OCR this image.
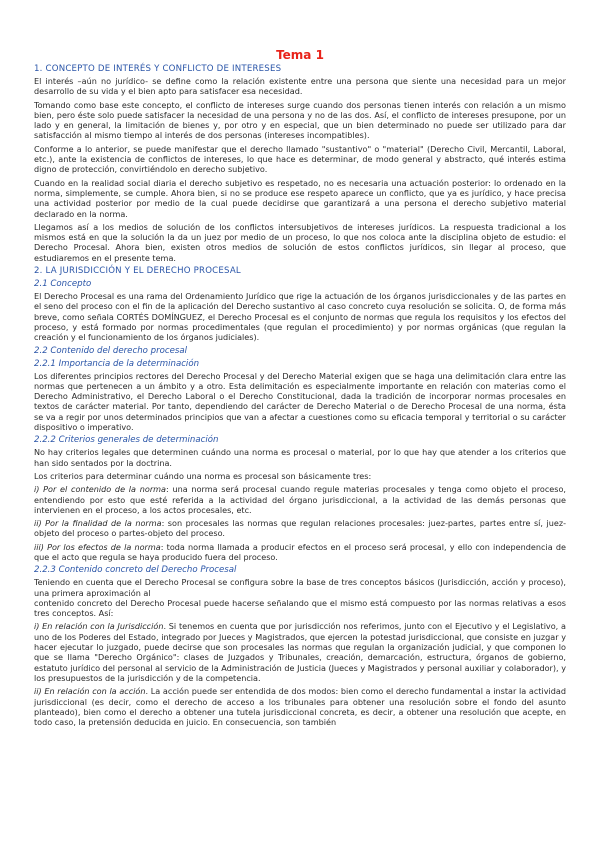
Tema 1
1. CONCEPTO DE INTERÉS Y CONFLICTO DE INTERESES

El interés –aún no jurídico- se define como la relación existente entre una persona que siente una necesidad para un mejor desarrollo de su vida y el bien apto para satisfacer esa necesidad.

Tomando como base este concepto, el conflicto de intereses surge cuando dos personas tienen interés con relación a un mismo bien, pero éste solo puede satisfacer la necesidad de una persona y no de las dos. Así, el conflicto de intereses presupone, por un lado y en general, la limitación de bienes y, por otro y en especial, que un bien determinado no puede ser utilizado para dar satisfacción al mismo tiempo al interés de dos personas (intereses incompatibles).

Conforme a lo anterior, se puede manifestar que el derecho llamado "sustantivo" o "material" (Derecho Civil, Mercantil, Laboral, etc.), ante la existencia de conflictos de intereses, lo que hace es determinar, de modo general y abstracto, qué interés estima digno de protección, convirtiéndolo en derecho subjetivo.

Cuando en la realidad social diaria el derecho subjetivo es respetado, no es necesaria una actuación posterior: lo ordenado en la norma, simplemente, se cumple. Ahora bien, si no se produce ese respeto aparece un conflicto, que ya es jurídico, y hace precisa una actividad posterior por medio de la cual puede decidirse que garantizará a una persona el derecho subjetivo material declarado en la norma.

Llegamos así a los medios de solución de los conflictos intersubjetivos de intereses jurídicos. La respuesta tradicional a los mismos está en que la solución la da un juez por medio de un proceso, lo que nos coloca ante la disciplina objeto de estudio: el Derecho Procesal. Ahora bien, existen otros medios de solución de estos conflictos jurídicos, sin llegar al proceso, que estudiaremos en el presente tema.

2. LA JURISDICCIÓN Y EL DERECHO PROCESAL
2.1 Concepto

El Derecho Procesal es una rama del Ordenamiento Jurídico que rige la actuación de los órganos jurisdiccionales y de las partes en el seno del proceso con el fin de la aplicación del Derecho sustantivo al caso concreto cuya resolución se solicita. O, de forma más breve, como señala CORTÉS DOMÍNGUEZ, el Derecho Procesal es el conjunto de normas que regula los requisitos y los efectos del proceso, y está formado por normas procedimentales (que regulan el procedimiento) y por normas orgánicas (que regulan la creación y el funcionamiento de los órganos judiciales).

2.2 Contenido del derecho procesal
2.2.1 Importancia de la determinación

Los diferentes principios rectores del Derecho Procesal y del Derecho Material exigen que se haga una delimitación clara entre las normas que pertenecen a un ámbito y a otro. Esta delimitación es especialmente importante en relación con materias como el Derecho Administrativo, el Derecho Laboral o el Derecho Constitucional, dada la tradición de incorporar normas procesales en textos de carácter material. Por tanto, dependiendo del carácter de Derecho Material o de Derecho Procesal de una norma, ésta se va a regir por unos determinados principios que van a afectar a cuestiones como su eficacia temporal y territorial o su carácter dispositivo o imperativo.

2.2.2 Criterios generales de determinación

No hay criterios legales que determinen cuándo una norma es procesal o material, por lo que hay que atender a los criterios que han sido sentados por la doctrina.

Los criterios para determinar cuándo una norma es procesal son básicamente tres:

i) Por el contenido de la norma: una norma será procesal cuando regule materias procesales y tenga como objeto el proceso, entendiendo por esto que esté referida a la actividad del órgano jurisdiccional, a la actividad de las demás personas que intervienen en el proceso, a los actos procesales, etc.

ii) Por la finalidad de la norma: son procesales las normas que regulan relaciones procesales: juez-partes, partes entre sí, juez-objeto del proceso o partes-objeto del proceso.

iii) Por los efectos de la norma: toda norma llamada a producir efectos en el proceso será procesal, y ello con independencia de que el acto que regula se haya producido fuera del proceso.

2.2.3 Contenido concreto del Derecho Procesal

Teniendo en cuenta que el Derecho Procesal se configura sobre la base de tres conceptos básicos (Jurisdicción, acción y proceso), una primera aproximación al

contenido concreto del Derecho Procesal puede hacerse señalando que el mismo está compuesto por las normas relativas a esos tres conceptos. Así:

i) En relación con la Jurisdicción. Si tenemos en cuenta que por jurisdicción nos referimos, junto con el Ejecutivo y el Legislativo, a uno de los Poderes del Estado, integrado por Jueces y Magistrados, que ejercen la potestad jurisdiccional, que consiste en juzgar y hacer ejecutar lo juzgado, puede decirse que son procesales las normas que regulan la organización judicial, y que componen lo que se llama "Derecho Orgánico": clases de Juzgados y Tribunales, creación, demarcación, estructura, órganos de gobierno, estatuto jurídico del personal al servicio de la Administración de Justicia (Jueces y Magistrados y personal auxiliar y colaborador), y los presupuestos de la jurisdicción y de la competencia.

ii) En relación con la acción. La acción puede ser entendida de dos modos: bien como el derecho fundamental a instar la actividad jurisdiccional (es decir, como el derecho de acceso a los tribunales para obtener una resolución sobre el fondo del asunto planteado), bien como el derecho a obtener una tutela jurisdiccional concreta, es decir, a obtener una resolución que acepte, en todo caso, la pretensión deducida en juicio. En consecuencia, son también
